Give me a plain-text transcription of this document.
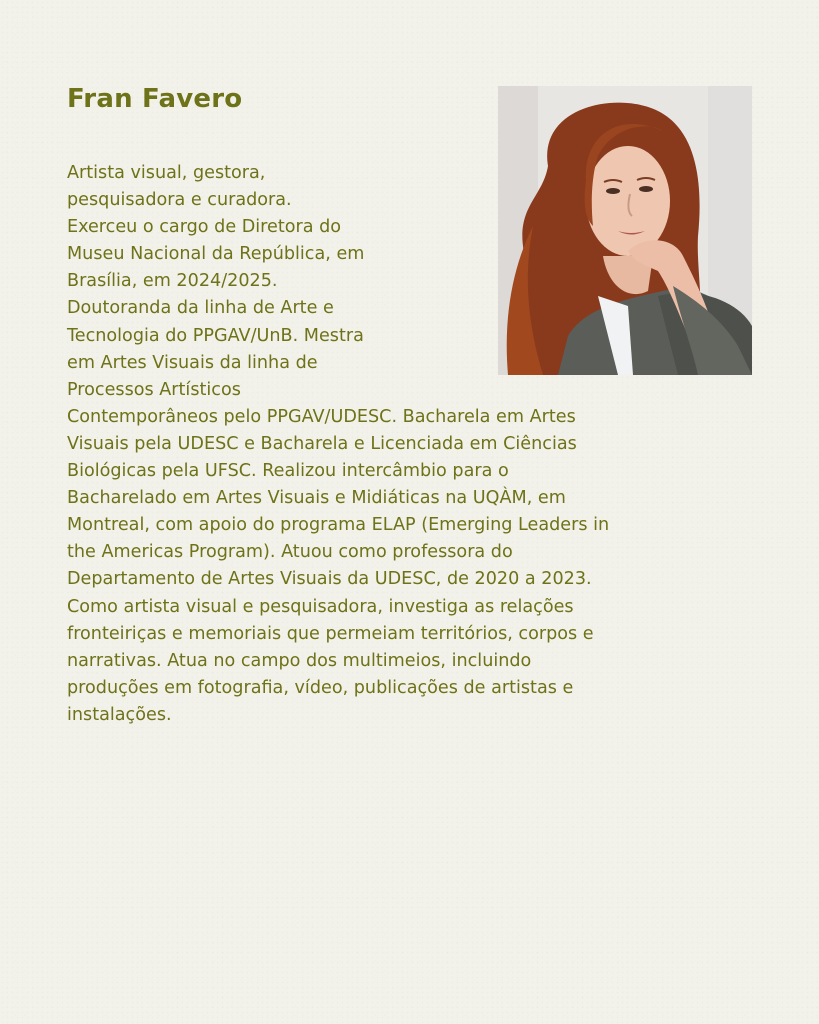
Fran Favero
Artista visual, gestora,
pesquisadora e curadora.
Exerceu o cargo de Diretora do
Museu Nacional da República, em
Brasília, em 2024/2025.
Doutoranda da linha de Arte e
Tecnologia do PPGAV/UnB. Mestra
em Artes Visuais da linha de
Processos Artísticos
Contemporâneos pelo PPGAV/UDESC. Bacharela em Artes
Visuais pela UDESC e Bacharela e Licenciada em Ciências
Biológicas pela UFSC. Realizou intercâmbio para o
Bacharelado em Artes Visuais e Midiáticas na UQÀM, em
Montreal, com apoio do programa ELAP (Emerging Leaders in
the Americas Program). Atuou como professora do
Departamento de Artes Visuais da UDESC, de 2020 a 2023.
Como artista visual e pesquisadora, investiga as relações
fronteiriças e memoriais que permeiam territórios, corpos e
narrativas. Atua no campo dos multimeios, incluindo
produções em fotografia, vídeo, publicações de artistas e
instalações.
